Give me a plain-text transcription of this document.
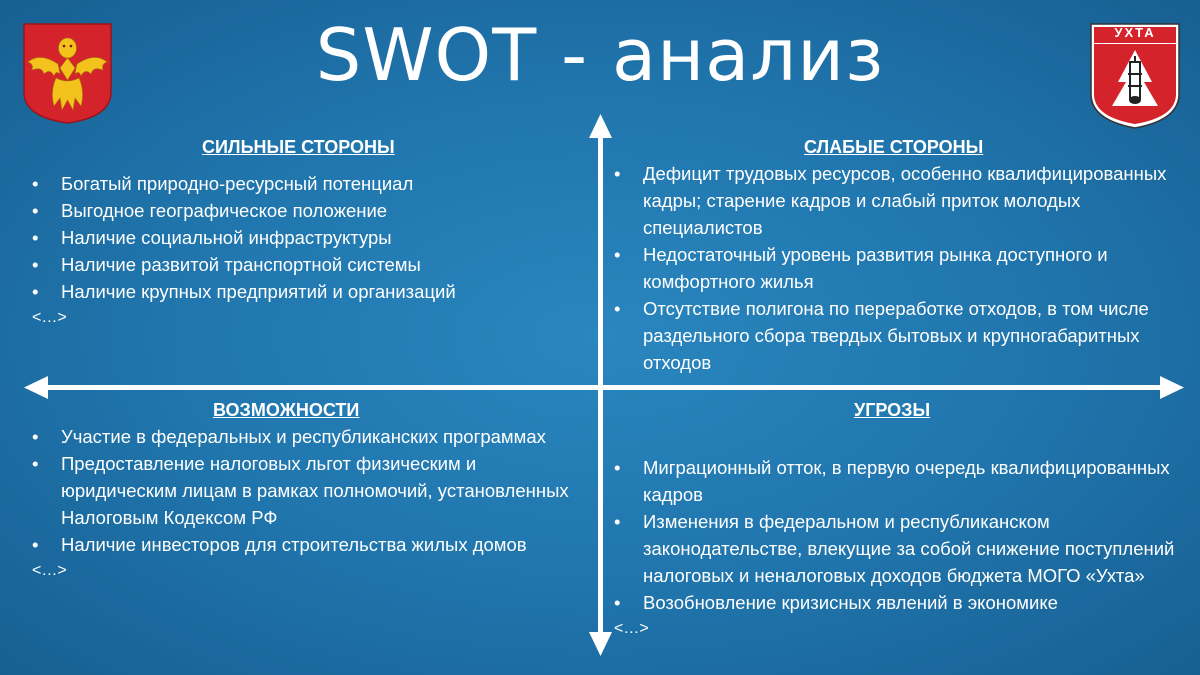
SWOT - анализ	УХТА
СИЛЬНЫЕ СТОРОНЫ
• Богатый природно-ресурсный потенциал
• Выгодное географическое положение
• Наличие социальной инфраструктуры
• Наличие развитой транспортной системы
• Наличие крупных предприятий и организаций
<…>
СЛАБЫЕ СТОРОНЫ
• Дефицит трудовых ресурсов, особенно квалифицированных кадры; старение кадров и слабый приток молодых специалистов
• Недостаточный уровень развития рынка доступного и комфортного жилья
• Отсутствие полигона по переработке отходов, в том числе раздельного сбора твердых бытовых и крупногабаритных отходов
ВОЗМОЖНОСТИ
• Участие в федеральных и республиканских программах
• Предоставление налоговых льгот физическим и юридическим лицам в рамках полномочий, установленных Налоговым Кодексом РФ
• Наличие инвесторов для строительства жилых домов
<…>
УГРОЗЫ
• Миграционный отток, в первую очередь квалифицированных кадров
• Изменения в федеральном и республиканском законодательстве, влекущие за собой снижение поступлений налоговых и неналоговых доходов бюджета МОГО «Ухта»
• Возобновление кризисных явлений в экономике
<…>
